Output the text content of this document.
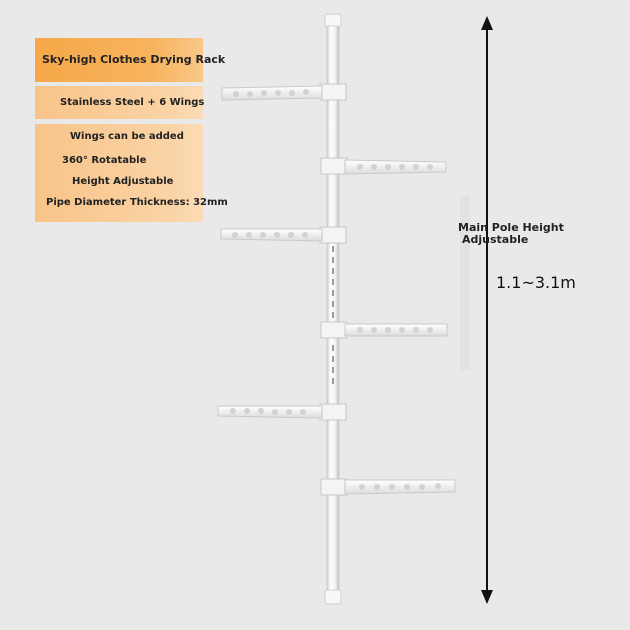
Sky-high Clothes Drying Rack
Stainless Steel + 6 Wings
Wings can be added
360° Rotatable
Height Adjustable
Pipe Diameter Thickness: 32mm
Main Pole Height
Adjustable
1.1~3.1m
